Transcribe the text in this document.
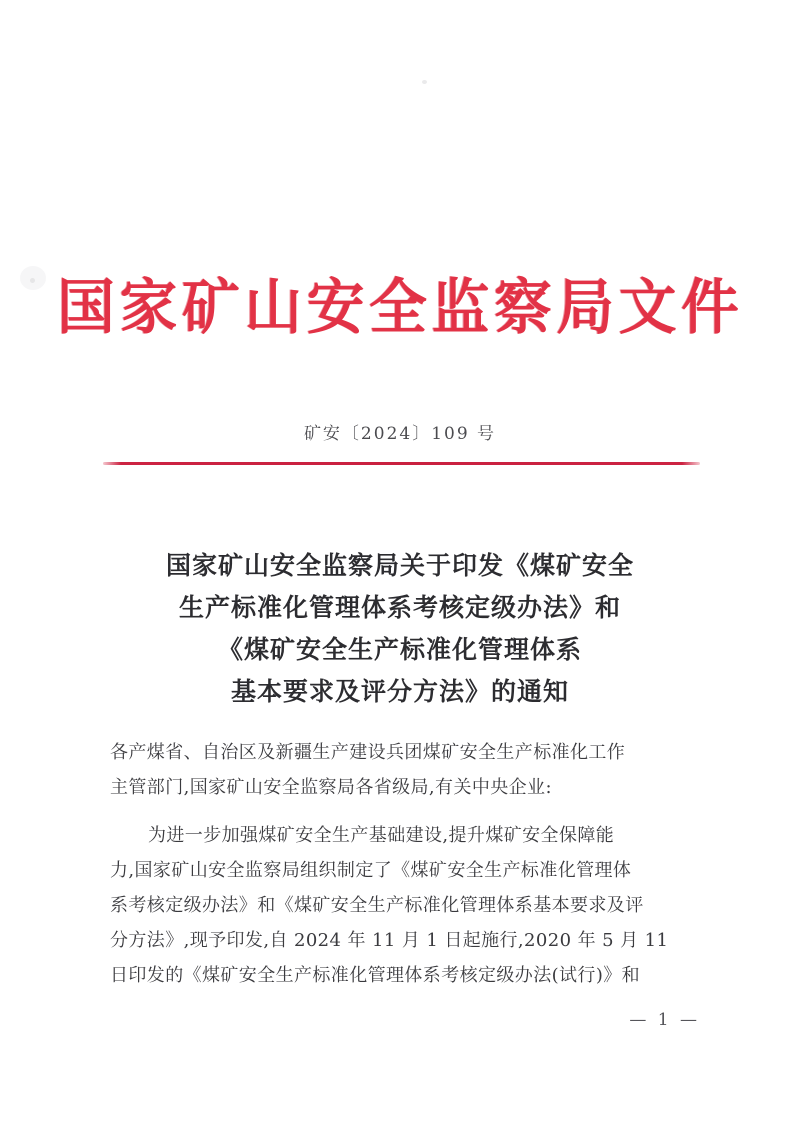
国家矿山安全监察局文件
矿安〔2024〕109 号
国家矿山安全监察局关于印发《煤矿安全
生产标准化管理体系考核定级办法》和
《煤矿安全生产标准化管理体系
基本要求及评分方法》的通知
各产煤省、自治区及新疆生产建设兵团煤矿安全生产标准化工作
主管部门,国家矿山安全监察局各省级局,有关中央企业:
为进一步加强煤矿安全生产基础建设,提升煤矿安全保障能
力,国家矿山安全监察局组织制定了《煤矿安全生产标准化管理体
系考核定级办法》和《煤矿安全生产标准化管理体系基本要求及评
分方法》,现予印发,自 2024 年 11 月 1 日起施行,2020 年 5 月 11
日印发的《煤矿安全生产标准化管理体系考核定级办法(试行)》和
— 1 —
